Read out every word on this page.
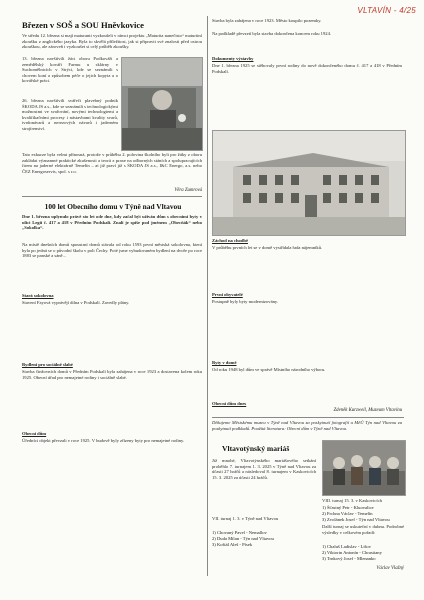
VLTAVÍN - 4/25
Březen v SOŠ a SOU Hněvkovice
Ve středu 12. března si mají maturanti vyzkoušeli v rámci projektu „Maturita nanečisto“ maturitní zkoušku z anglického jazyka. Byla to skvělá příležitost, jak si připravit své znalosti před ostrou zkouškou, ale zároveň i vyzkoušet si celý průběh zkoušky.
13. března navštívili žáci oboru Podkováři a zemědělský kováři Farmu u sklárny v Suchomělnicích v Strýci, kde se seznámili s chovem koní a způsobem péče o jejich kopyta a o kovářské práci.
26. března navštívili svářeči plavebný podnik ŠKODA JS a.s., kde se seznámili s technologickými možnostmi ve svařování, novými technologiemi a kvalifikačními procesy i nástavbami kvality svarů, tvrdonávarů a nerezových návarů i jaderném strojírenství.
Tato exkurze byla velmi přínosná, protože v průběhu 2. polovina školního byli pro žáky z oboru zakládat významné praktické zkušenosti a teorii z praxe na odborných stáních a spolupracujících firem na jaderné elektrárně Temelín – at již praví již s ŠKODA JS a.s., I&C Energo, a.s. nebo ČEZ Energoservis, spol. s r.o.
Věra Zumrová
100 let Obecního domu v Týně nad Vltavou
Dne 1. března uplynulo právě sto let ode dne, kdy začal být užíván dům s obecními byty v ulici Legii č. 417 a 418 v Předním Podskalí. Znalí je spíše pod jménem „Obecňák“ nebo „Sokolka“.
Na místě dnešních domů spoustrní domů stávala od roku 1593 první městská sokolovna, která byla po jedná se o původní školu v poli Čechy. Poté jsme vybudovaném bydlení na dvoře po roce 1883 se panské a sáně...
Stará sokolovna
Stavení Fayová vyprávějí dilna v Podskalí. Zavedly plány.
Bydlení pro sociálně slabé
Stavba činžovních domů v Předním Podskalí byla zahájena v roce 1923 a dostavena kolem roku 1925. Obecní úřad pro nemajetné rodiny i sociálně slabé.
Obecní dům
Úředníci objekt převzali v roce 1925. V budově byly zřízeny byty pro nemajetné rodiny.
Stavba byla zahájena v roce 1923. Město koupilo pozemky.
Na podkladě převzetí byla stavba dokončena koncem roku 1924.
Dokumenty výstavby
Dne 1. března 1925 se stěhovaly první rodiny do nově dokončeného domu č. 417 a 418 v Předním Podskalí.
Záchod na chodbě
V průběhu prvních let se v domě vystřídala řada nájemníků.
První obyvatelé
Postupně byly byty modernizovány.
Byty v domě
Od roku 1948 byl dům ve správě Místního národního výboru.
Obecní dům dnes
Zdeněk Kurzweil, Muzeum Vltavínu
Děkujeme Městskému muzeu v Týně nad Vltavou za poskytnutí fotografií a MěÚ Týn nad Vltavou za poskytnutí podkladů. Použitá literatura: Obecní dům v Týně nad Vltavou.
Vltavotýnský mariáš
Již mnohé, Vltavotýnského mariášového setkání proběhlo 7. turnajem 1. 3. 2025 v Týně nad Vltavou za účasti 27 hráčů a následoval 8. turnajem v Kaskovicích 15. 3. 2025 za účasti 24 hráčů.
VII. turnaj 1. 3. v Týně nad Vltavou
1) Chovaný Pavel - Nemallov
2) Duda Milan - Týn nad Vltavou
3) Koštál Aleš - Písek
VIII. turnaj 15. 3. v Kaskovicích
1) Šťastný Petr - Kluovalice
2) Frchna Václav - Temelín
3) Zvolánek Josef - Týn nad Vltavou
Další turnaj se uskuteční v dubnu. Podrobné výsledky v celkovém pořadí:
1) Chaluš Ladislav - Lišov
2) Viktorin Antonín - Chrastiany
3) Trnkový Josef - Mlenanko
Václav Vlažný
